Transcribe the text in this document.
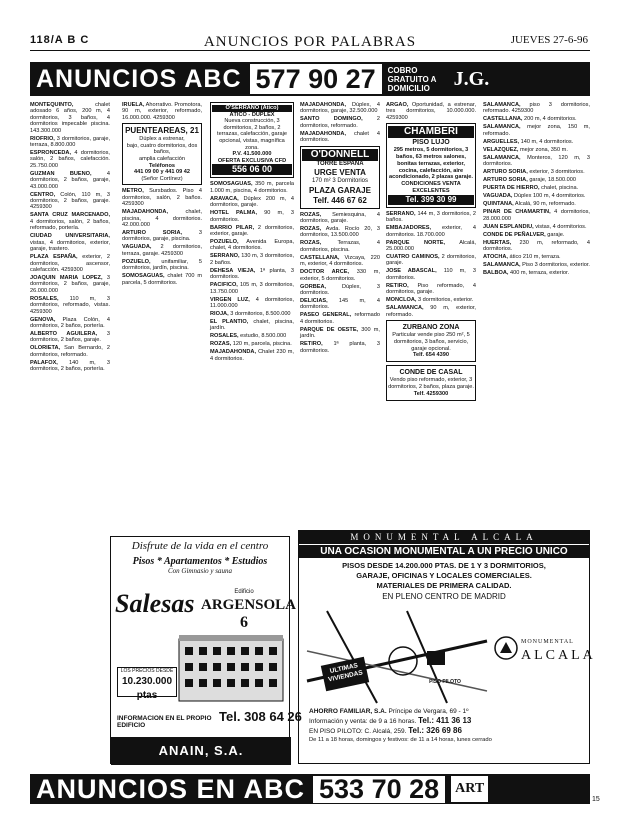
118/A B C	ANUNCIOS POR PALABRAS	JUEVES 27-6-96
ANUNCIOS ABC 577 90 27	COBRO GRATUITO A DOMICILIO	J.G.

MONTEQUINTO,	chalet adosado 6 años, 200 m, 4 dormitorios, 3 baños, 4 dormitorios impecable piscina. 143.300.000

RIOFRIO, 3 dormitorios, garaje, terraza, 8.800.000

ESPRONCEDA, 4 dormitorios, salón, 2 baños, calefacción. 25.750.000

GUZMAN BUENO,	4 dormitorios, 2 baños, garaje, 43.000.000

CENTRO, Colón, 110 m, 3 dormitorios, 2 baños, garaje. 4259300

SANTA CRUZ MARCENADO, 4 dormitorios, salón, 2 baños, reformado, portería.

CIUDAD UNIVERSITARIA, vistas, 4 dormitorios, exterior, garaje, trastero.

PLAZA ESPAÑA, exterior, 2 dormitorios, ascensor, calefacción. 4259300

JOAQUIN MARIA LOPEZ, 3 dormitorios, 2 baños, garaje, 26.000.000

ROSALES, 110 m, 3 dormitorios, reformado, vistas. 4259300

GENOVA, Plaza Colón, 4 dormitorios, 2 baños, portería.

ALBERTO AGUILERA, 3 dormitorios, 2 baños, garaje.

OLORIETA, San Bernardo, 2 dormitorios, reformado.

PALAFOX, 140 m, 3 dormitorios, 2 baños, portería.

IRUELA, Ahorrativo. Promotora, 90 m, exterior, reformado, 16.000.000. 4259300

PUENTEAREAS, 21
Dúplex a estrenar,
bajo, cuatro dormitorios, dos baños,
amplia calefacción
Teléfonos
441 09 00 y 441 09 42
(Señor Cortínez)

METRO, Sursbados. Piso 4 dormitorios, salón, 2 baños. 4259300

MAJADAHONDA,	chalet, piscina, 4 dormitorios. 42.000.000

ARTURO SORIA,	3 dormitorios, garaje, piscina.

VAGUADA, 2 dormitorios, terraza, garaje. 4259300

POZUELO, unifamiliar, 5 dormitorios, jardín, piscina.

SOMOSAGUAS, chalet 700 m parcela, 5 dormitorios.

O'SERRANO (Ático)
ÁTICO - DÚPLEX
Nueva construcción, 3 dormitorios, 2 baños, 2 terrazas, calefacción, garaje opcional, vistas, magnífica zona.
P.V. 41.500.000
OFERTA EXCLUSIVA CFD
556 06 00

SOMOSAGUAS, 350 m, parcela 1.000 m, piscina, 4 dormitorios.

ARAVACA, Dúplex 200 m, 4 dormitorios, garaje.

HOTEL PALMA, 90 m, 3 dormitorios.

BARRIO PILAR, 2 dormitorios, exterior, garaje.

POZUELO, Avenida Europa, chalet, 4 dormitorios.

SERRANO, 130 m, 3 dormitorios, 2 baños.

DEHESA VIEJA, 1ª planta, 3 dormitorios.

PACIFICO, 105 m, 3 dormitorios, 13.750.000

VIRGEN LUZ, 4 dormitorios, 11.000.000

RIOJA, 3 dormitorios, 8.500.000

EL PLANTIO, chalet, piscina, jardín.

ROSALES, estudio, 8.500.000

ROZAS, 120 m, parcela, piscina.

MAJADAHONDA, Chalet 230 m, 4 dormitorios.

MAJADAHONDA, Dúplex, 4 dormitorios, garaje, 32.500.000

SANTO DOMINGO,	2 dormitorios, reformado.

MAJADAHONDA, chalet 4 dormitorios.

O'DONNELL
TORRE ESPAÑA
URGE VENTA
170 m² 3 Dormitorios
PLAZA GARAJE
Telf. 446 67 62

ROZAS, Semiesquina, 4 dormitorios, garaje.

ROZAS, Avda. Rocío 20, 3 dormitorios, 13.500.000

ROZAS,	Terrazas, 4 dormitorios, piscina.

CASTELLANA, Vizcaya, 220 m, exterior, 4 dormitorios.

DOCTOR ARCE, 330 m, exterior, 5 dormitorios.

GORBEA,	Dúplex, 3 dormitorios.

DELICIAS, 145 m, 4 dormitorios.

PASEO GENERAL, reformado 4 dormitorios.

PARQUE DE OESTE, 300 m, jardín.

RETIRO, 1ª planta, 3 dormitorios.

ARGAO, Oportunidad, a estrenar, tres dormitorios, 10.000.000. 4259300

CHAMBERI
PISO LUJO
295 metros, 5 dormitorios, 3 baños, 63 metros salones, bonitas terrazas, exterior, cocina, calefacción, aire acondicionado, 2 plazas garaje.
CONDICIONES VENTA EXCELENTES
Tel. 399 30 99

SERRANO, 144 m, 3 dormitorios, 2 baños.

EMBAJADORES, exterior, 4 dormitorios. 18.700.000

PARQUE NORTE,	Alcalá, 25.000.000

CUATRO CAMINOS, 2 dormitorios, garaje.

JOSE ABASCAL, 110 m, 3 dormitorios.

RETIRO, Piso reformado, 4 dormitorios, garaje.

MONCLOA, 3 dormitorios, exterior.

SALAMANCA, 90 m, exterior, reformado.

ZURBANO ZONA
Particular vende piso 250 m², 5 dormitorios, 3 baños, servicio, garaje opcional.
Telf. 654 4390
CONDE DE CASAL
Vendo piso reformado, exterior, 3 dormitorios, 2 baños, plaza garaje.
Telf. 4259300

SALAMANCA, piso 3 dormitorios, reformado. 4259300

CASTELLANA, 200 m, 4 dormitorios.

SALAMANCA, mejor zona, 150 m, reformado.

ARGUELLES, 140 m, 4 dormitorios.

VELAZQUEZ, mejor zona, 350 m.

SALAMANCA, Monteros, 120 m, 3 dormitorios.

ARTURO SORIA, exterior, 3 dormitorios.

ARTURO SORIA, garaje, 18.500.000

PUERTA DE HIERRO, chalet, piscina.

VAGUADA, Dúplex 100 m, 4 dormitorios.

QUINTANA, Alcalá, 90 m, reformado.

PINAR DE CHAMARTIN, 4 dormitorios, 28.000.000

JUAN ESPLANDIU, vistas, 4 dormitorios.

CONDE DE PEÑALVER, garaje.

HUERTAS, 230 m, reformado, 4 dormitorios.

ATOCHA, ático 210 m, terraza.

SALAMANCA, Piso 3 dormitorios, exterior.

BALBOA, 400 m, terraza, exterior.

Disfrute de la vida en el centro
Pisos * Apartamentos * Estudios
Con Gimnasio y sauna
Salesas	Edificio
ARGENSOLA
6
LOS PRECIOS DESDE
10.230.000 ptas
INFORMACION EN EL PROPIO EDIFICIO
Tel. 308 64 26
ANAIN, S.A.
MONUMENTAL ALCALA
UNA OCASION MONUMENTAL A UN PRECIO UNICO
PISOS DESDE 14.200.000 PTAS. DE 1 Y 3 DORMITORIOS,
GARAJE, OFICINAS Y LOCALES COMERCIALES.
MATERIALES DE PRIMERA CALIDAD.
EN PLENO CENTRO DE MADRID
PISO PILOTO
ULTIMAS VIVIENDAS
MONUMENTAL
ALCALA
AHORRO FAMILIAR, S.A. Príncipe de Vergara, 69 - 1º
Información y venta: de 9 a 16 horas. Tel.: 411 36 13
EN PISO PILOTO: C. Alcalá, 259. Tel.: 326 69 86
De 11 a 18 horas, domingos y festivos: de 11 a 14 horas, lunes cerrado
ANUNCIOS EN ABC 533 70 28	ART
15
